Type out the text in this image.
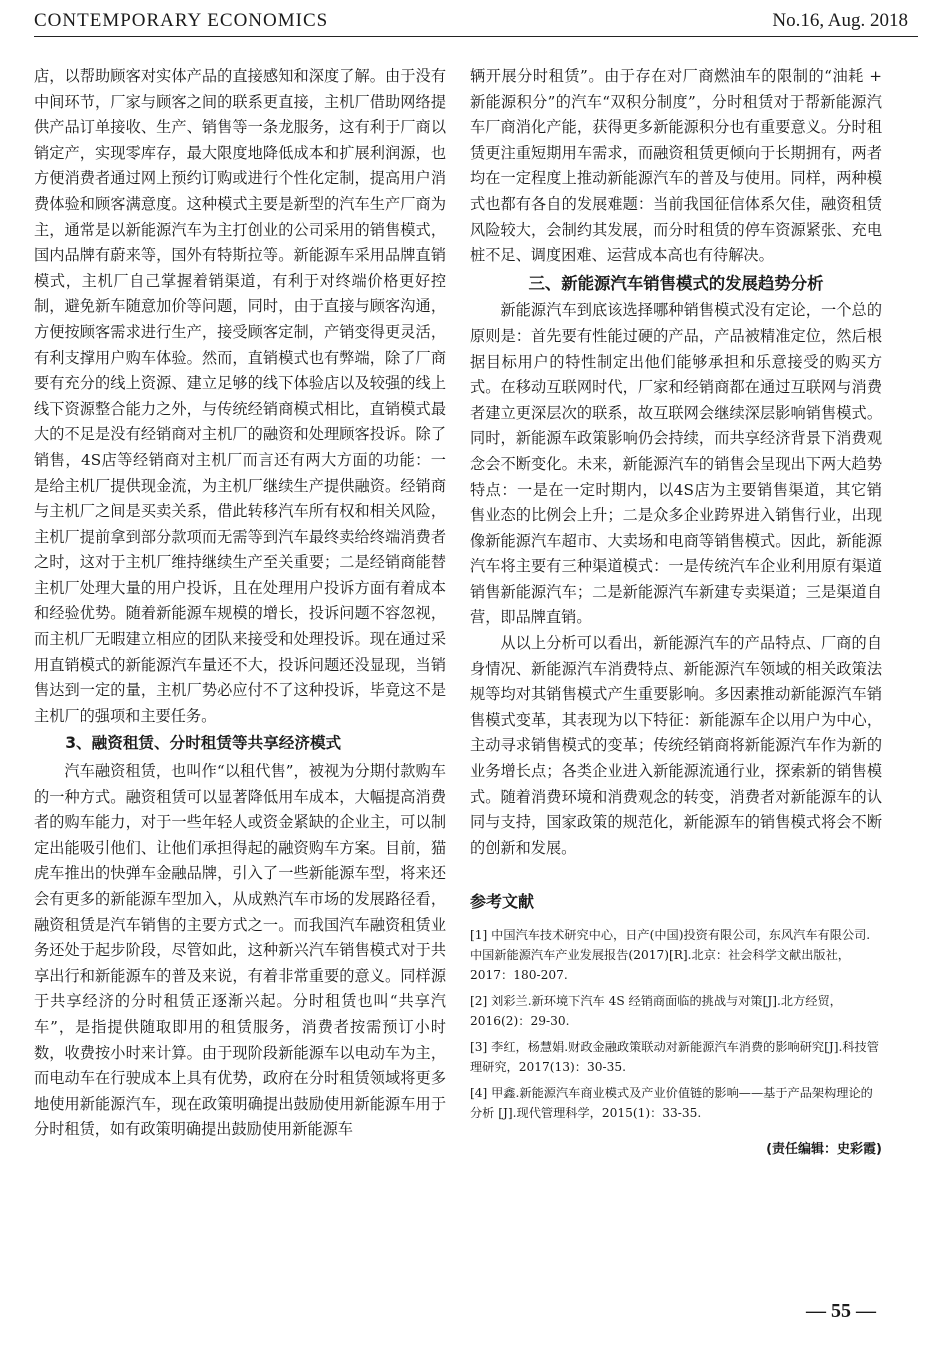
CONTEMPORARY ECONOMICS	No.16, Aug. 2018

店，以帮助顾客对实体产品的直接感知和深度了解。由于没有中间环节，厂家与顾客之间的联系更直接，主机厂借助网络提供产品订单接收、生产、销售等一条龙服务，这有利于厂商以销定产，实现零库存，最大限度地降低成本和扩展利润源，也方便消费者通过网上预约订购或进行个性化定制，提高用户消费体验和顾客满意度。这种模式主要是新型的汽车生产厂商为主，通常是以新能源汽车为主打创业的公司采用的销售模式，国内品牌有蔚来等，国外有特斯拉等。新能源车采用品牌直销模式，主机厂自己掌握着销渠道，有利于对终端价格更好控制，避免新车随意加价等问题，同时，由于直接与顾客沟通，方便按顾客需求进行生产，接受顾客定制，产销变得更灵活，有利支撑用户购车体验。然而，直销模式也有弊端，除了厂商要有充分的线上资源、建立足够的线下体验店以及较强的线上线下资源整合能力之外，与传统经销商模式相比，直销模式最大的不足是没有经销商对主机厂的融资和处理顾客投诉。除了销售，4S店等经销商对主机厂而言还有两大方面的功能：一是给主机厂提供现金流，为主机厂继续生产提供融资。经销商与主机厂之间是买卖关系，借此转移汽车所有权和相关风险，主机厂提前拿到部分款项而无需等到汽车最终卖给终端消费者之时，这对于主机厂维持继续生产至关重要；二是经销商能替主机厂处理大量的用户投诉，且在处理用户投诉方面有着成本和经验优势。随着新能源车规模的增长，投诉问题不容忽视，而主机厂无暇建立相应的团队来接受和处理投诉。现在通过采用直销模式的新能源汽车量还不大，投诉问题还没显现，当销售达到一定的量，主机厂势必应付不了这种投诉，毕竟这不是主机厂的强项和主要任务。

3、融资租赁、分时租赁等共享经济模式

汽车融资租赁，也叫作“以租代售”，被视为分期付款购车的一种方式。融资租赁可以显著降低用车成本，大幅提高消费者的购车能力，对于一些年轻人或资金紧缺的企业主，可以制定出能吸引他们、让他们承担得起的融资购车方案。目前，猫虎车推出的快弹车金融品牌，引入了一些新能源车型，将来还会有更多的新能源车型加入，从成熟汽车市场的发展路径看，融资租赁是汽车销售的主要方式之一。而我国汽车融资租赁业务还处于起步阶段，尽管如此，这种新兴汽车销售模式对于共享出行和新能源车的普及来说，有着非常重要的意义。同样源于共享经济的分时租赁正逐渐兴起。分时租赁也叫“共享汽车”，是指提供随取即用的租赁服务，消费者按需预订小时数，收费按小时来计算。由于现阶段新能源车以电动车为主，而电动车在行驶成本上具有优势，政府在分时租赁领域将更多地使用新能源汽车，现在政策明确提出鼓励使用新能源车用于分时租赁，如有政策明确提出鼓励使用新能源车

辆开展分时租赁”。由于存在对厂商燃油车的限制的“油耗 + 新能源积分”的汽车“双积分制度”，分时租赁对于帮新能源汽车厂商消化产能，获得更多新能源积分也有重要意义。分时租赁更注重短期用车需求，而融资租赁更倾向于长期拥有，两者均在一定程度上推动新能源汽车的普及与使用。同样，两种模式也都有各自的发展难题：当前我国征信体系欠佳，融资租赁风险较大，会制约其发展，而分时租赁的停车资源紧张、充电桩不足、调度困难、运营成本高也有待解决。

三、新能源汽车销售模式的发展趋势分析

新能源汽车到底该选择哪种销售模式没有定论，一个总的原则是：首先要有性能过硬的产品，产品被精准定位，然后根据目标用户的特性制定出他们能够承担和乐意接受的购买方式。在移动互联网时代，厂家和经销商都在通过互联网与消费者建立更深层次的联系，故互联网会继续深层影响销售模式。同时，新能源车政策影响仍会持续，而共享经济背景下消费观念会不断变化。未来，新能源汽车的销售会呈现出下两大趋势特点：一是在一定时期内，以4S店为主要销售渠道，其它销售业态的比例会上升；二是众多企业跨界进入销售行业，出现像新能源汽车超市、大卖场和电商等销售模式。因此，新能源汽车将主要有三种渠道模式：一是传统汽车企业利用原有渠道销售新能源汽车；二是新能源汽车新建专卖渠道；三是渠道自营，即品牌直销。

从以上分析可以看出，新能源汽车的产品特点、厂商的自身情况、新能源汽车消费特点、新能源汽车领域的相关政策法规等均对其销售模式产生重要影响。多因素推动新能源汽车销售模式变革，其表现为以下特征：新能源车企以用户为中心，主动寻求销售模式的变革；传统经销商将新能源汽车作为新的业务增长点；各类企业进入新能源流通行业，探索新的销售模式。随着消费环境和消费观念的转变，消费者对新能源车的认同与支持，国家政策的规范化，新能源车的销售模式将会不断的创新和发展。

参考文献
[1] 中国汽车技术研究中心，日产(中国)投资有限公司，东风汽车有限公司.中国新能源汽车产业发展报告(2017)[R].北京：社会科学文献出版社，2017：180-207.
[2] 刘彩兰.新环境下汽车 4S 经销商面临的挑战与对策[J].北方经贸，2016(2)：29-30.
[3] 李红，杨慧娟.财政金融政策联动对新能源汽车消费的影响研究[J].科技管理研究，2017(13)：30-35.
[4] 甲鑫.新能源汽车商业模式及产业价值链的影响——基于产品架构理论的分析 [J].现代管理科学，2015(1)：33-35.
(责任编辑：史彩霞)
— 55 —
